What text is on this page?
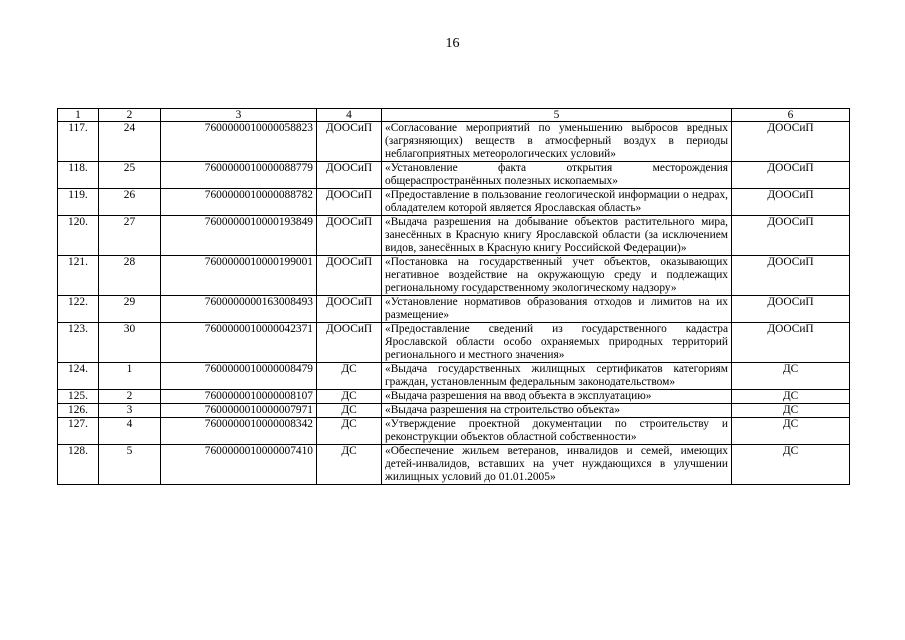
16
1	2	3	4	5	6
117.	24	7600000010000058823	ДООСиП	«Согласование мероприятий по уменьшению выбросов вредных (загрязняющих) веществ в атмосферный воздух в периоды неблагоприятных метеорологических условий»	ДООСиП
118.	25	7600000010000088779	ДООСиП	«Установление факта открытия месторождения общераспространённых полезных ископаемых»	ДООСиП
119.	26	7600000010000088782	ДООСиП	«Предоставление в пользование геологической информации о недрах, обладателем которой является Ярославская область»	ДООСиП
120.	27	7600000010000193849	ДООСиП	«Выдача разрешения на добывание объектов растительного мира, занесённых в Красную книгу Ярославской области (за исключением видов, занесённых в Красную книгу Российской Федерации)»	ДООСиП
121.	28	7600000010000199001	ДООСиП	«Постановка на государственный учет объектов, оказывающих негативное воздействие на окружающую среду и подлежащих региональному государственному экологическому надзору»	ДООСиП
122.	29	7600000000163008493	ДООСиП	«Установление нормативов образования отходов и лимитов на их размещение»	ДООСиП
123.	30	7600000010000042371	ДООСиП	«Предоставление сведений из государственного кадастра Ярославской области особо охраняемых природных территорий регионального и местного значения»	ДООСиП
124.	1	7600000010000008479	ДС	«Выдача государственных жилищных сертификатов категориям граждан, установленным федеральным законодательством»	ДС
125.	2	7600000010000008107	ДС	«Выдача разрешения на ввод объекта в эксплуатацию»	ДС
126.	3	7600000010000007971	ДС	«Выдача разрешения на строительство объекта»	ДС
127.	4	7600000010000008342	ДС	«Утверждение проектной документации по строительству и реконструкции объектов областной собственности»	ДС
128.	5	7600000010000007410	ДС	«Обеспечение жильем ветеранов, инвалидов и семей, имеющих детей-инвалидов, вставших на учет нуждающихся в улучшении жилищных условий до 01.01.2005»	ДС
